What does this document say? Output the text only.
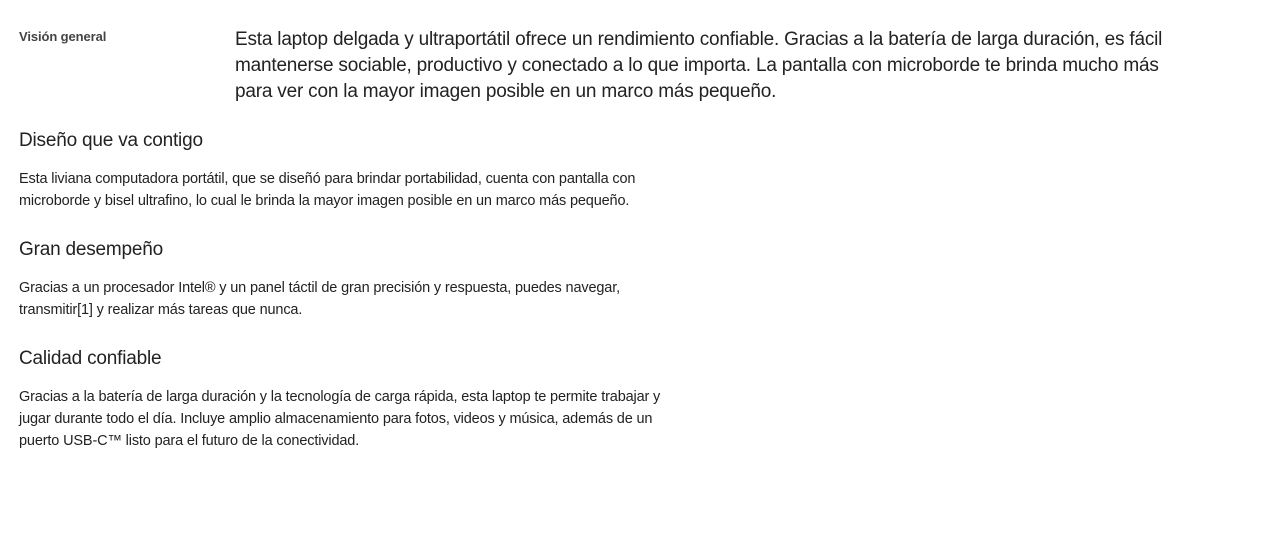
Visión general	Esta laptop delgada y ultraportátil ofrece un rendimiento confiable. Gracias a la batería de larga duración, es fácil mantenerse sociable, productivo y conectado a lo que importa. La pantalla con microborde te brinda mucho más para ver con la mayor imagen posible en un marco más pequeño.

Diseño que va contigo

Esta liviana computadora portátil, que se diseñó para brindar portabilidad, cuenta con pantalla con microborde y bisel ultrafino, lo cual le brinda la mayor imagen posible en un marco más pequeño.

Gran desempeño

Gracias a un procesador Intel® y un panel táctil de gran precisión y respuesta, puedes navegar, transmitir[1] y realizar más tareas que nunca.

Calidad confiable

Gracias a la batería de larga duración y la tecnología de carga rápida, esta laptop te permite trabajar y jugar durante todo el día. Incluye amplio almacenamiento para fotos, videos y música, además de un puerto USB-C™ listo para el futuro de la conectividad.
